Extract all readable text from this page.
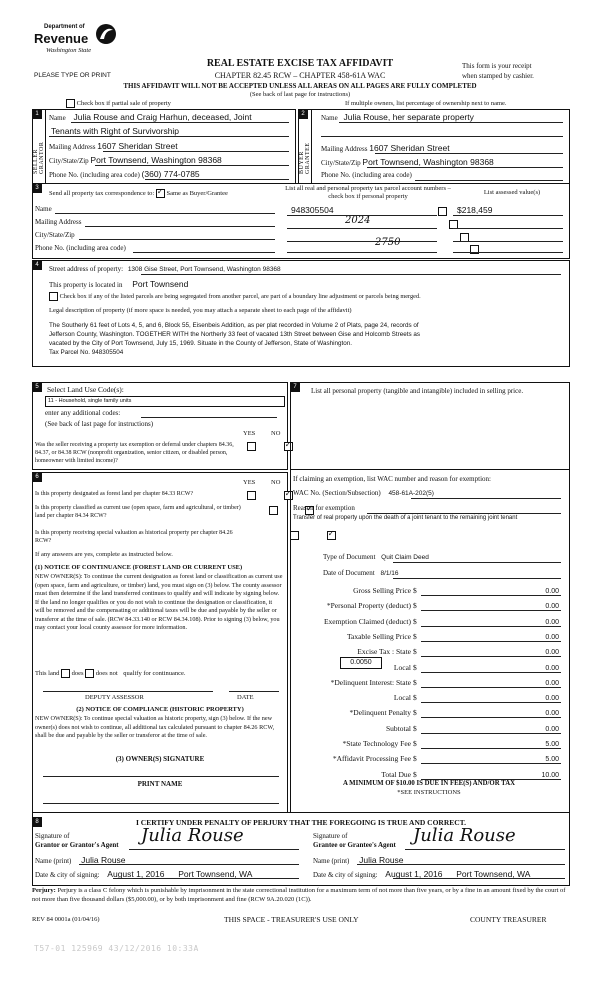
Department of
Revenue
Washington State
PLEASE TYPE OR PRINT
REAL ESTATE EXCISE TAX AFFIDAVIT
CHAPTER 82.45 RCW – CHAPTER 458-61A WAC
THIS AFFIDAVIT WILL NOT BE ACCEPTED UNLESS ALL AREAS ON ALL PAGES ARE FULLY COMPLETED
(See back of last page for instructions)
This form is your receipt
when stamped by cashier.
Check box if partial sale of property	If multiple owners, list percentage of ownership next to name.
1
SELLER GRANTOR
Name Julia Rouse and Craig Harhun, deceased, Joint
Tenants with Right of Survivorship
Mailing Address 1607 Sheridan Street
City/State/Zip Port Townsend, Washington 98368
Phone No. (including area code) (360) 774-0785
2
BUYER GRANTEE
Name Julia Rouse, her separate property
Mailing Address 1607 Sheridan Street
City/State/Zip Port Townsend, Washington 98368
Phone No. (including area code)
3
Send all property tax correspondence to: ✓ Same as Buyer/Grantee
Name
Mailing Address
City/State/Zip
Phone No. (including area code)
List all real and personal property tax parcel account numbers – check box if personal property
List assessed value(s)
948305504	$218,459
2024
2750

4	Street address of property: 1308 Gise Street, Port Townsend, Washington 98368
This property is located in Port Townsend
Check box if any of the listed parcels are being segregated from another parcel, are part of a boundary line adjustment or parcels being merged.
Legal description of property (if more space is needed, you may attach a separate sheet to each page of the affidavit)
The Southerly 61 feet of Lots 4, 5, and 6, Block 55, Eisenbeis Addition, as per plat recorded in Volume 2 of Plats, page 24, records of
Jefferson County, Washington. TOGETHER WITH the Northerly 33 feet of vacated 13th Street between Gise and Holcomb Streets as
vacated by the City of Port Townsend, July 15, 1969. Situate in the County of Jefferson, State of Washington.
Tax Parcel No. 948305504
5	Select Land Use Code(s):
11 - Household, single family units
enter any additional codes:
(See back of last page for instructions)
YES NO
Was the seller receiving a property tax exemption or deferral under chapters 84.36, 84.37, or 84.38 RCW (nonprofit organization, senior citizen, or disabled person, homeowner with limited income)?
✓
6
YES NO
Is this property designated as forest land per chapter 84.33 RCW?
✓
Is this property classified as current use (open space, farm and agricultural, or timber) land per chapter 84.34 RCW?
✓
Is this property receiving special valuation as historical property per chapter 84.26 RCW?
✓
If any answers are yes, complete as instructed below.
(1) NOTICE OF CONTINUANCE (FOREST LAND OR CURRENT USE)
NEW OWNER(S): To continue the current designation as forest land or classification as current use (open space, farm and agriculture, or timber) land, you must sign on (3) below. The county assessor must then determine if the land transferred continues to qualify and will indicate by signing below. If the land no longer qualifies or you do not wish to continue the designation or classification, it will be removed and the compensating or additional taxes will be due and payable by the seller or transferor at the time of sale. (RCW 84.33.140 or RCW 84.34.108). Prior to signing (3) below, you may contact your local county assessor for more information.
This land does does not qualify for continuance.
DEPUTY ASSESSOR	DATE
(2) NOTICE OF COMPLIANCE (HISTORIC PROPERTY)
NEW OWNER(S): To continue special valuation as historic property, sign (3) below. If the new owner(s) does not wish to continue, all additional tax calculated pursuant to chapter 84.26 RCW, shall be due and payable by the seller or transferor at the time of sale.
(3) OWNER(S) SIGNATURE
PRINT NAME
7	List all personal property (tangible and intangible) included in selling price.
If claiming an exemption, list WAC number and reason for exemption:
WAC No. (Section/Subsection) 458-61A-202(5)
Reason for exemption
Transfer of real property upon the death of a joint tenant to the remaining joint tenant
Type of Document Quit Claim Deed
Date of Document 8/1/16
Gross Selling Price $	0.00
*Personal Property (deduct) $	0.00
Exemption Claimed (deduct) $	0.00
Taxable Selling Price $	0.00
Excise Tax : State $	0.00
Local $	0.00
*Delinquent Interest: State $	0.00
Local $	0.00
*Delinquent Penalty $	0.00
Subtotal $	0.00
*State Technology Fee $	5.00
*Affidavit Processing Fee $	5.00
Total Due $	10.00
0.0050
A MINIMUM OF $10.00 IS DUE IN FEE(S) AND/OR TAX
*SEE INSTRUCTIONS
8	I CERTIFY UNDER PENALTY OF PERJURY THAT THE FOREGOING IS TRUE AND CORRECT.
Signature of
Grantor or Grantor's Agent Julia Rouse
Name (print) Julia Rouse
Date & city of signing: August 1, 2016 Port Townsend, WA
Signature of
Grantee or Grantee's Agent Julia Rouse
Name (print) Julia Rouse
Date & city of signing: August 1, 2016 Port Townsend, WA
Perjury: Perjury is a class C felony which is punishable by imprisonment in the state correctional institution for a maximum term of not more than five years, or by a fine in an amount fixed by the court of not more than five thousand dollars ($5,000.00), or by both imprisonment and fine (RCW 9A.20.020 (1C)).
REV 84 0001a (01/04/16)	THIS SPACE - TREASURER'S USE ONLY	COUNTY TREASURER
T57-01 125969 43/12/2016 10:33A
